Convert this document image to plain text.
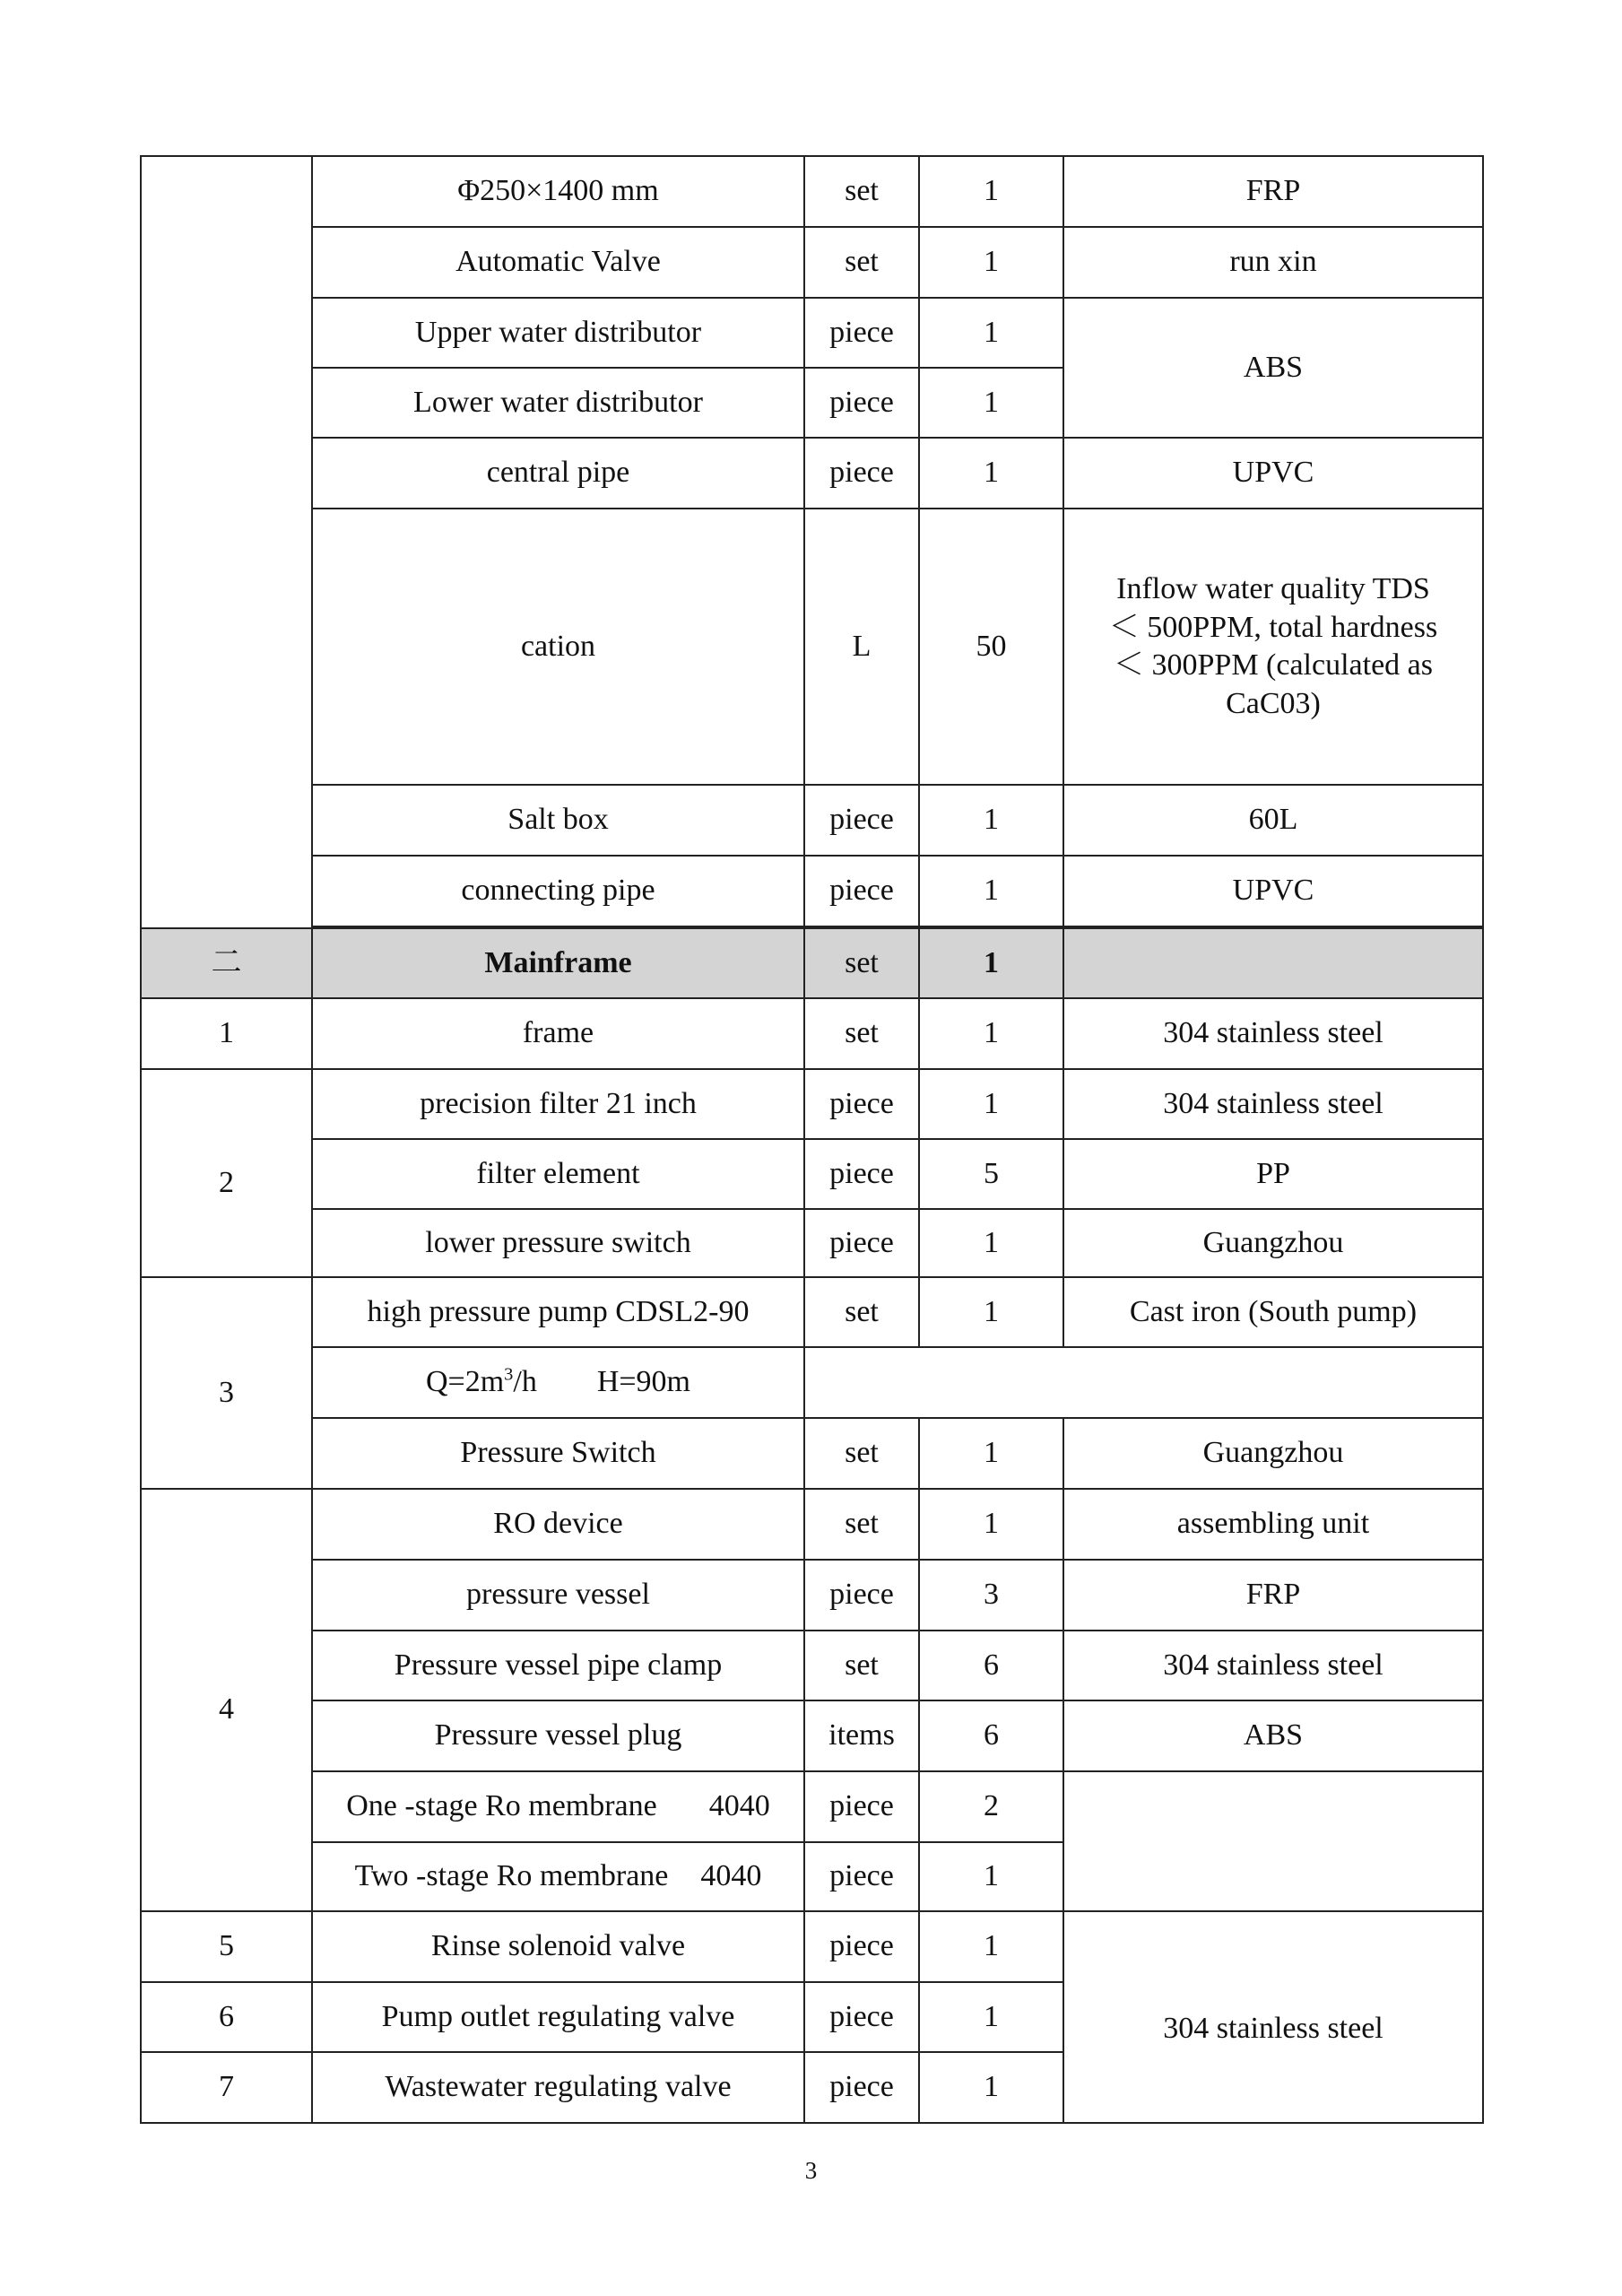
	Φ250×1400 mm	set	1	FRP
	Automatic Valve	set	1	run xin
	Upper water distributor	piece	1	ABS
	Lower water distributor	piece	1	
	central pipe	piece	1	UPVC
	cation	L	50	Inflow water quality TDS
＜ 500PPM, total hardness
＜ 300PPM (calculated as
CaC03)

	Salt box	piece	1	60L
	connecting pipe	piece	1	UPVC

二	Mainframe	set	1	
1	frame	set	1	304 stainless steel
2	precision filter 21 inch	piece	1	304 stainless steel
	filter element	piece	5	PP
	lower pressure switch	piece	1	Guangzhou
3	high pressure pump CDSL2-90	set	1	Cast iron (South pump)
	$Q=2m^3/h$ H=90m			
	Pressure Switch	set	1	Guangzhou
4	RO device	set	1	assembling unit
	pressure vessel	piece	3	FRP
	Pressure vessel pipe clamp	set	6	304 stainless steel
	Pressure vessel plug	items	6	ABS
	One -stage Ro membrane 4040	piece	2	
	Two -stage Ro membrane 4040	piece	1	
5	Rinse solenoid valve	piece	1	304 stainless steel
6	Pump outlet regulating valve	piece	1	
7	Wastewater regulating valve	piece	1	
3
